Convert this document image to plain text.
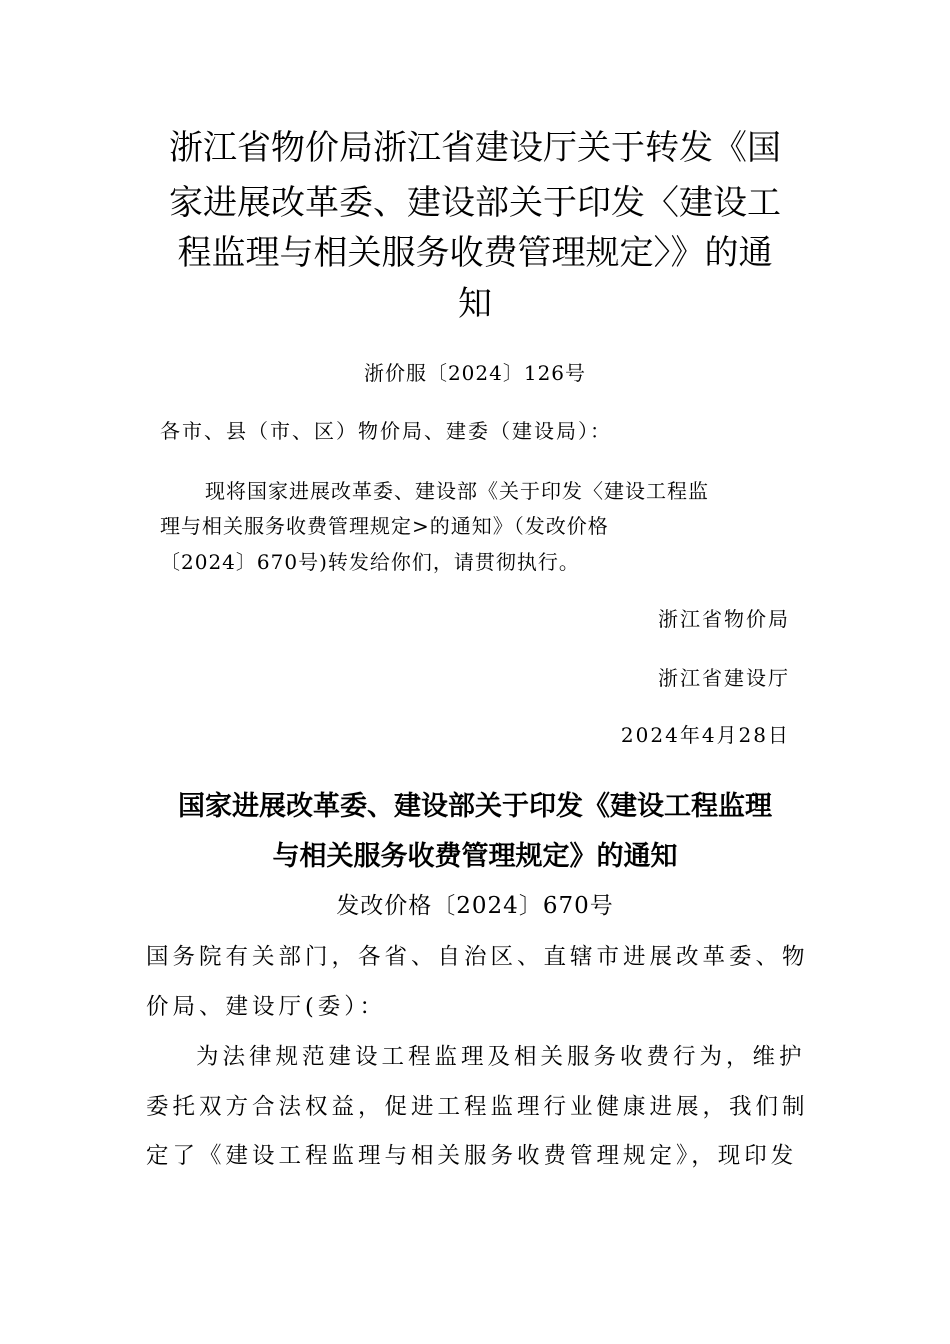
浙江省物价局浙江省建设厅关于转发《国
家进展改革委、建设部关于印发〈建设工
程监理与相关服务收费管理规定〉》的通
知
浙价服〔2024〕126号
各市、县（市、区）物价局、建委（建设局）：
现将国家进展改革委、建设部《关于印发〈建设工程监
理与相关服务收费管理规定>的通知》（发改价格
〔2024〕670号)转发给你们，请贯彻执行。
浙江省物价局
浙江省建设厅
2024年4月28日
国家进展改革委、建设部关于印发《建设工程监理
与相关服务收费管理规定》的通知
发改价格〔2024〕670号
国务院有关部门，各省、自治区、直辖市进展改革委、物
价局、建设厅(委）：
为法律规范建设工程监理及相关服务收费行为，维护
委托双方合法权益，促进工程监理行业健康进展，我们制
定了《建设工程监理与相关服务收费管理规定》，现印发
